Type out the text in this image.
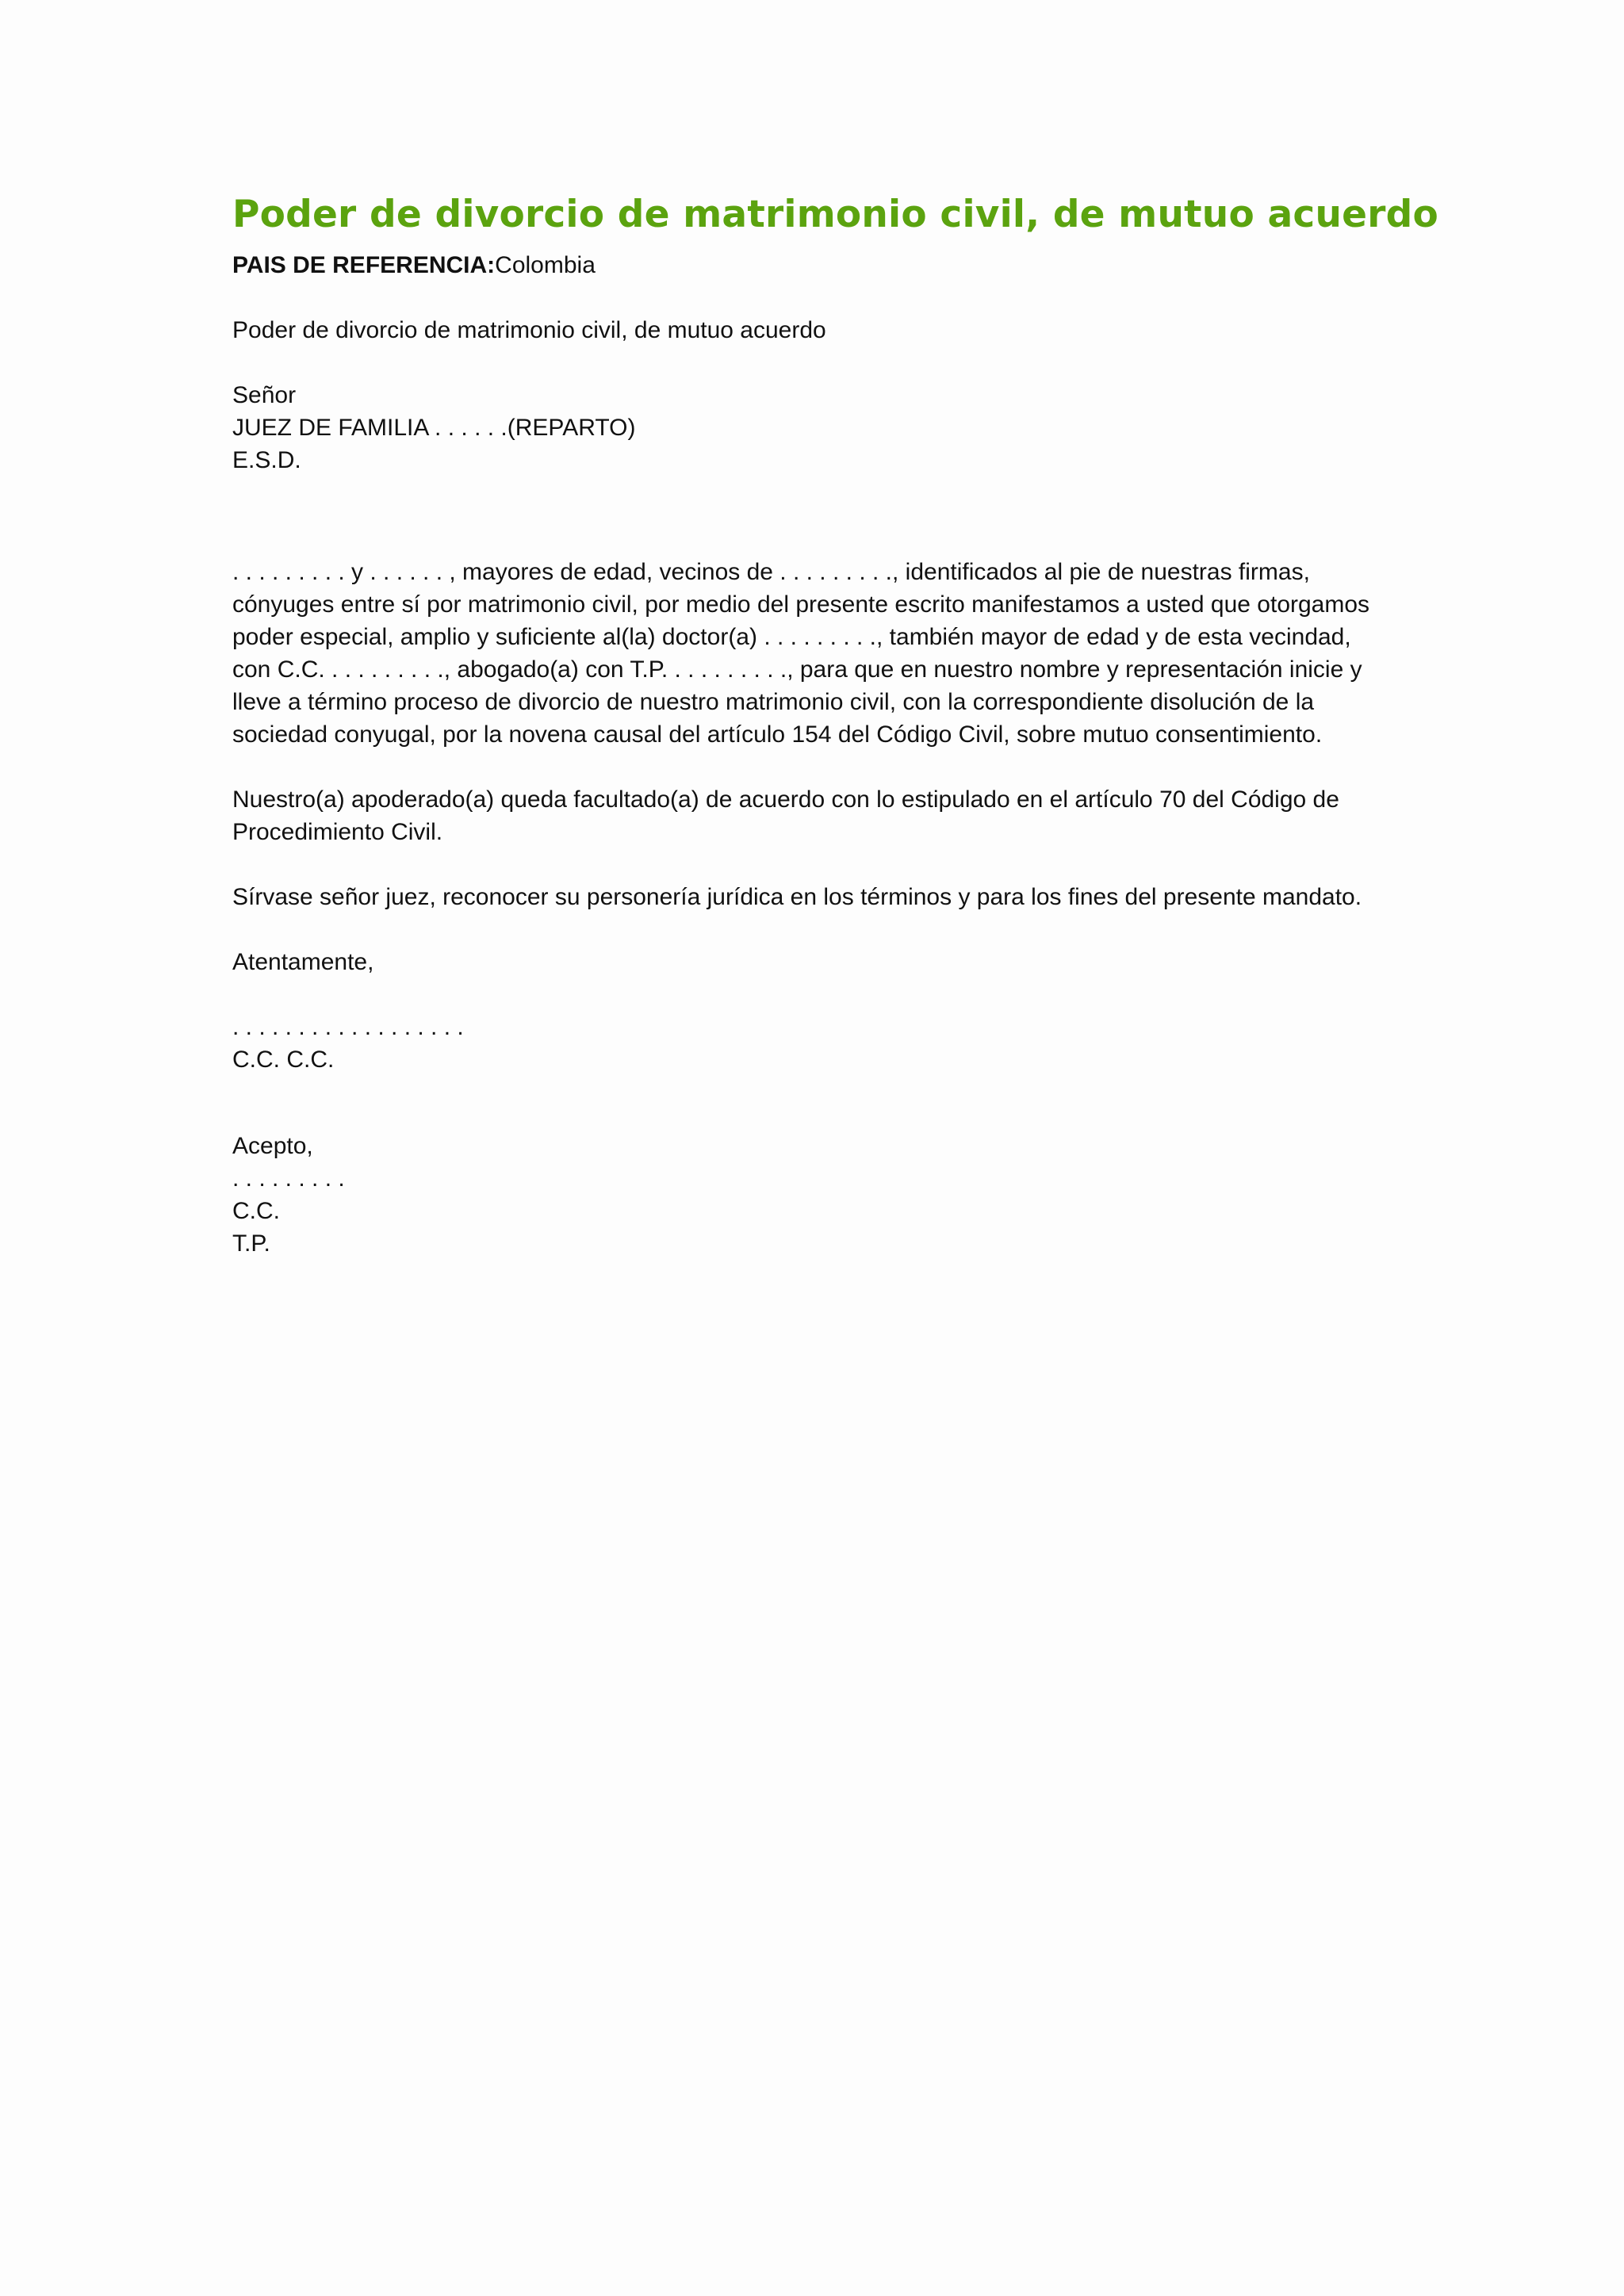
Poder de divorcio de matrimonio civil, de mutuo acuerdo

PAIS DE REFERENCIA:Colombia

Poder de divorcio de matrimonio civil, de mutuo acuerdo

Señor
JUEZ DE FAMILIA . . . . . .(REPARTO)
E.S.D.

. . . . . . . . . y . . . . . . , mayores de edad, vecinos de . . . . . . . . ., identificados al pie de nuestras firmas, cónyuges entre sí por matrimonio civil, por medio del presente escrito manifestamos a usted que otorgamos poder especial, amplio y suficiente al(la) doctor(a) . . . . . . . . ., también mayor de edad y de esta vecindad, con C.C. . . . . . . . . ., abogado(a) con T.P. . . . . . . . . ., para que en nuestro nombre y representación inicie y lleve a término proceso de divorcio de nuestro matrimonio civil, con la correspondiente disolución de la sociedad conyugal, por la novena causal del artículo 154 del Código Civil, sobre mutuo consentimiento.

Nuestro(a) apoderado(a) queda facultado(a) de acuerdo con lo estipulado en el artículo 70 del Código de Procedimiento Civil.

Sírvase señor juez, reconocer su personería jurídica en los términos y para los fines del presente mandato.

Atentamente,

. . . . . . . . . . . . . . . . . .
C.C. C.C.
Acepto,
. . . . . . . . .
C.C.
T.P.
